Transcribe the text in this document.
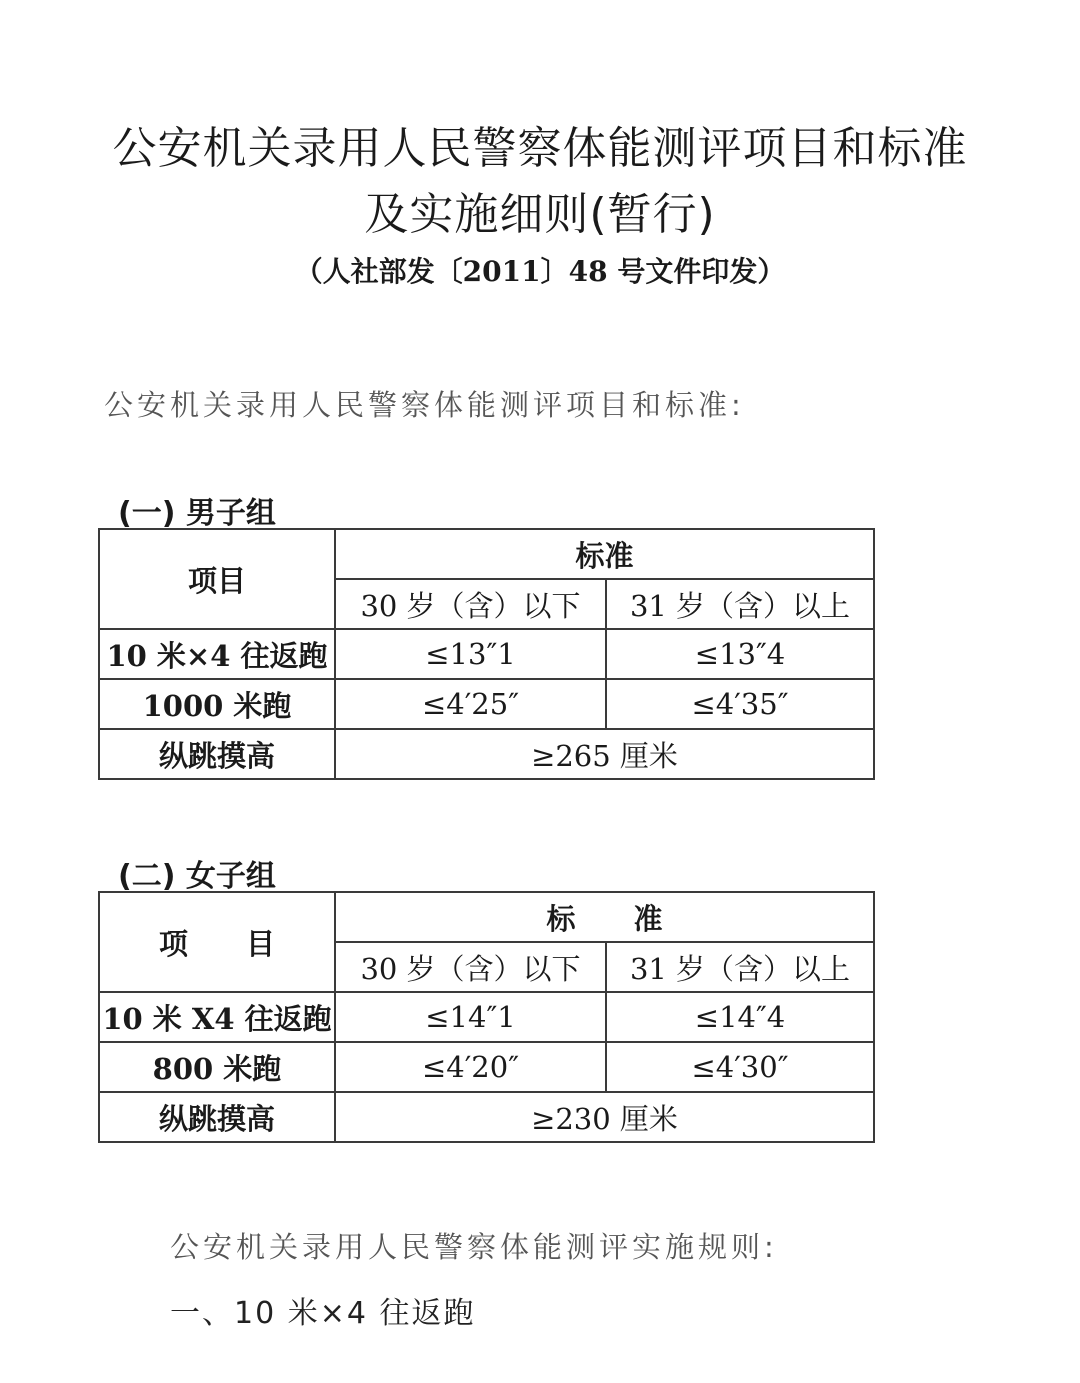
公安机关录用人民警察体能测评项目和标准
及实施细则(暂行)
（人社部发〔2011〕48 号文件印发）
公安机关录用人民警察体能测评项目和标准:
(一) 男子组
项目	标准	
	30 岁（含）以下	31 岁（含）以上
10 米×4 往返跑	≤13″1	≤13″4
1000 米跑	≤4′25″	≤4′35″
纵跳摸高	≥265 厘米	
(二) 女子组
项　　目	标　　准	
	30 岁（含）以下	31 岁（含）以上
10 米 X4 往返跑	≤14″1	≤14″4
800 米跑	≤4′20″	≤4′30″
纵跳摸高	≥230 厘米	
公安机关录用人民警察体能测评实施规则:
一、10 米×4 往返跑
